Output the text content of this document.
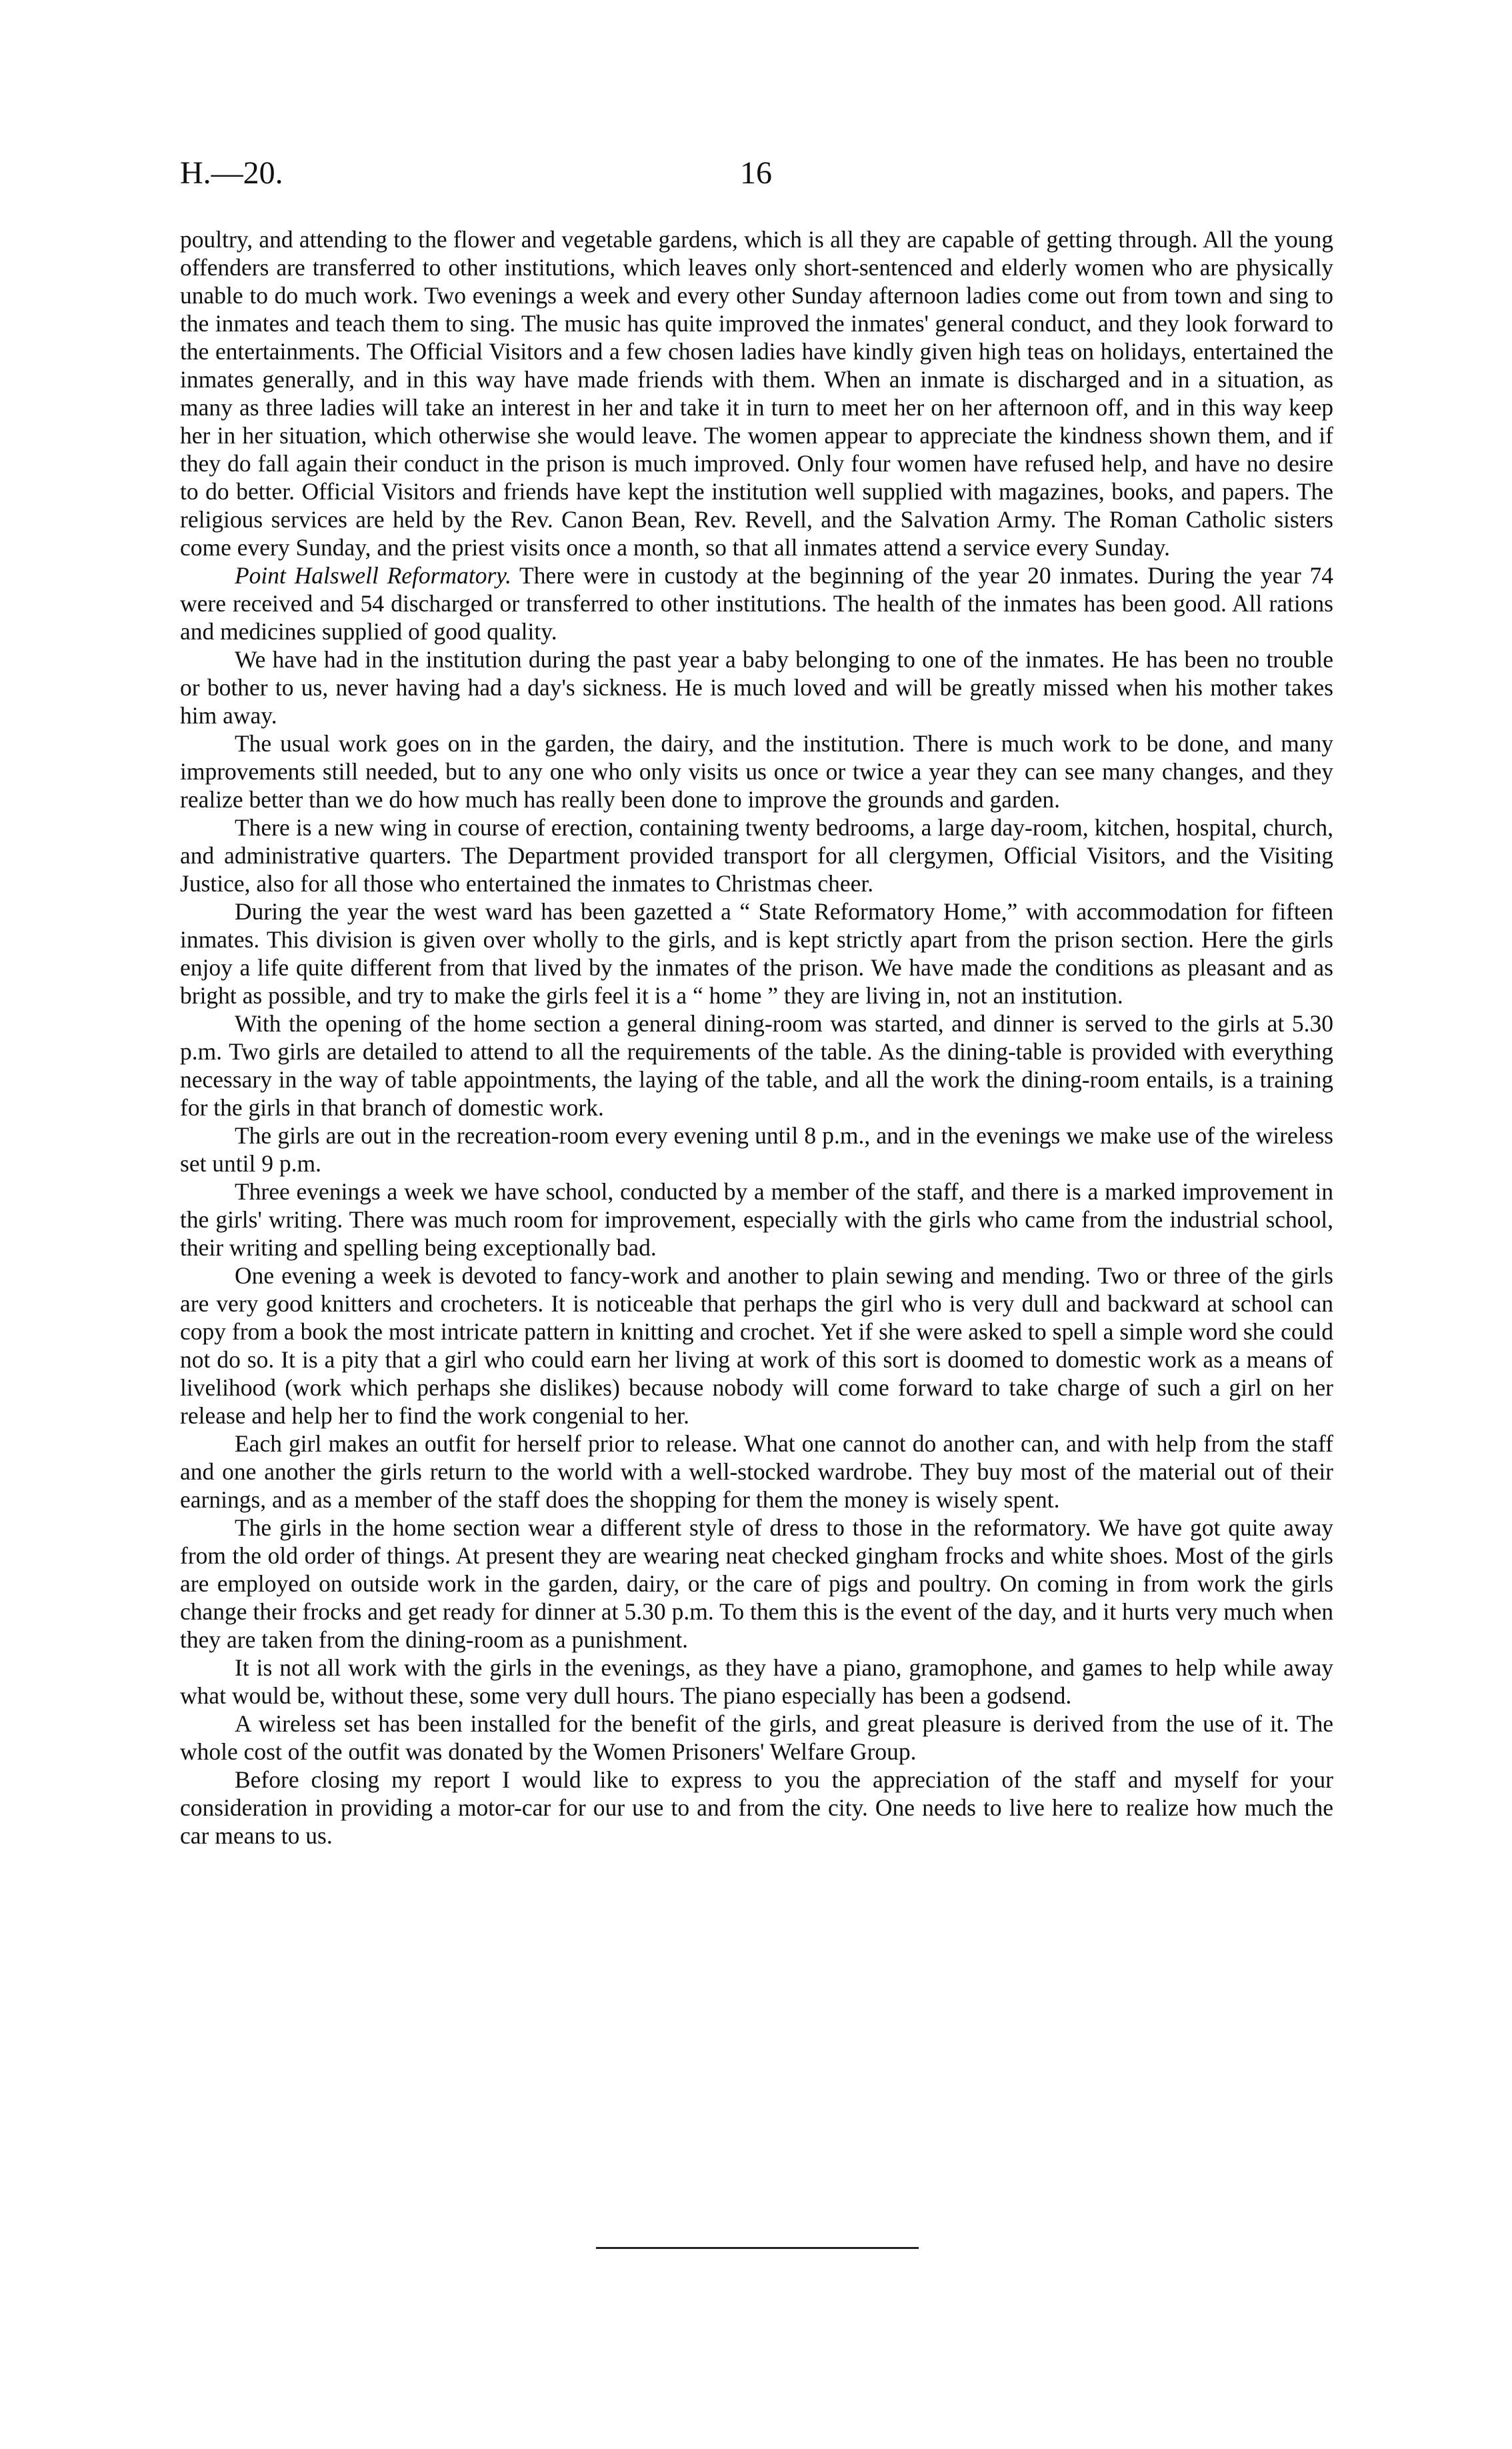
H.—20.	16

poultry, and attending to the flower and vegetable gardens, which is all they are capable of getting through. All the young offenders are transferred to other institutions, which leaves only short-sentenced and elderly women who are physically unable to do much work. Two evenings a week and every other Sunday afternoon ladies come out from town and sing to the inmates and teach them to sing. The music has quite improved the inmates' general conduct, and they look forward to the entertainments. The Official Visitors and a few chosen ladies have kindly given high teas on holidays, entertained the inmates generally, and in this way have made friends with them. When an inmate is discharged and in a situation, as many as three ladies will take an interest in her and take it in turn to meet her on her afternoon off, and in this way keep her in her situation, which otherwise she would leave. The women appear to appreciate the kindness shown them, and if they do fall again their conduct in the prison is much improved. Only four women have refused help, and have no desire to do better. Official Visitors and friends have kept the institution well supplied with magazines, books, and papers. The religious services are held by the Rev. Canon Bean, Rev. Revell, and the Salvation Army. The Roman Catholic sisters come every Sunday, and the priest visits once a month, so that all inmates attend a service every Sunday.

Point Halswell Reformatory. There were in custody at the beginning of the year 20 inmates. During the year 74 were received and 54 discharged or transferred to other institutions. The health of the inmates has been good. All rations and medicines supplied of good quality.

We have had in the institution during the past year a baby belonging to one of the inmates. He has been no trouble or bother to us, never having had a day's sickness. He is much loved and will be greatly missed when his mother takes him away.

The usual work goes on in the garden, the dairy, and the institution. There is much work to be done, and many improvements still needed, but to any one who only visits us once or twice a year they can see many changes, and they realize better than we do how much has really been done to improve the grounds and garden.

There is a new wing in course of erection, containing twenty bedrooms, a large day-room, kitchen, hospital, church, and administrative quarters. The Department provided transport for all clergymen, Official Visitors, and the Visiting Justice, also for all those who entertained the inmates to Christmas cheer.

During the year the west ward has been gazetted a “ State Reformatory Home,” with accommodation for fifteen inmates. This division is given over wholly to the girls, and is kept strictly apart from the prison section. Here the girls enjoy a life quite different from that lived by the inmates of the prison. We have made the conditions as pleasant and as bright as possible, and try to make the girls feel it is a “ home ” they are living in, not an institution.

With the opening of the home section a general dining-room was started, and dinner is served to the girls at 5.30 p.m. Two girls are detailed to attend to all the requirements of the table. As the dining-table is provided with everything necessary in the way of table appointments, the laying of the table, and all the work the dining-room entails, is a training for the girls in that branch of domestic work.

The girls are out in the recreation-room every evening until 8 p.m., and in the evenings we make use of the wireless set until 9 p.m.

Three evenings a week we have school, conducted by a member of the staff, and there is a marked improvement in the girls' writing. There was much room for improvement, especially with the girls who came from the industrial school, their writing and spelling being exceptionally bad.

One evening a week is devoted to fancy-work and another to plain sewing and mending. Two or three of the girls are very good knitters and crocheters. It is noticeable that perhaps the girl who is very dull and backward at school can copy from a book the most intricate pattern in knitting and crochet. Yet if she were asked to spell a simple word she could not do so. It is a pity that a girl who could earn her living at work of this sort is doomed to domestic work as a means of livelihood (work which perhaps she dislikes) because nobody will come forward to take charge of such a girl on her release and help her to find the work congenial to her.

Each girl makes an outfit for herself prior to release. What one cannot do another can, and with help from the staff and one another the girls return to the world with a well-stocked wardrobe. They buy most of the material out of their earnings, and as a member of the staff does the shopping for them the money is wisely spent.

The girls in the home section wear a different style of dress to those in the reformatory. We have got quite away from the old order of things. At present they are wearing neat checked gingham frocks and white shoes. Most of the girls are employed on outside work in the garden, dairy, or the care of pigs and poultry. On coming in from work the girls change their frocks and get ready for dinner at 5.30 p.m. To them this is the event of the day, and it hurts very much when they are taken from the dining-room as a punishment.

It is not all work with the girls in the evenings, as they have a piano, gramophone, and games to help while away what would be, without these, some very dull hours. The piano especially has been a godsend.

A wireless set has been installed for the benefit of the girls, and great pleasure is derived from the use of it. The whole cost of the outfit was donated by the Women Prisoners' Welfare Group.

Before closing my report I would like to express to you the appreciation of the staff and myself for your consideration in providing a motor-car for our use to and from the city. One needs to live here to realize how much the car means to us.
